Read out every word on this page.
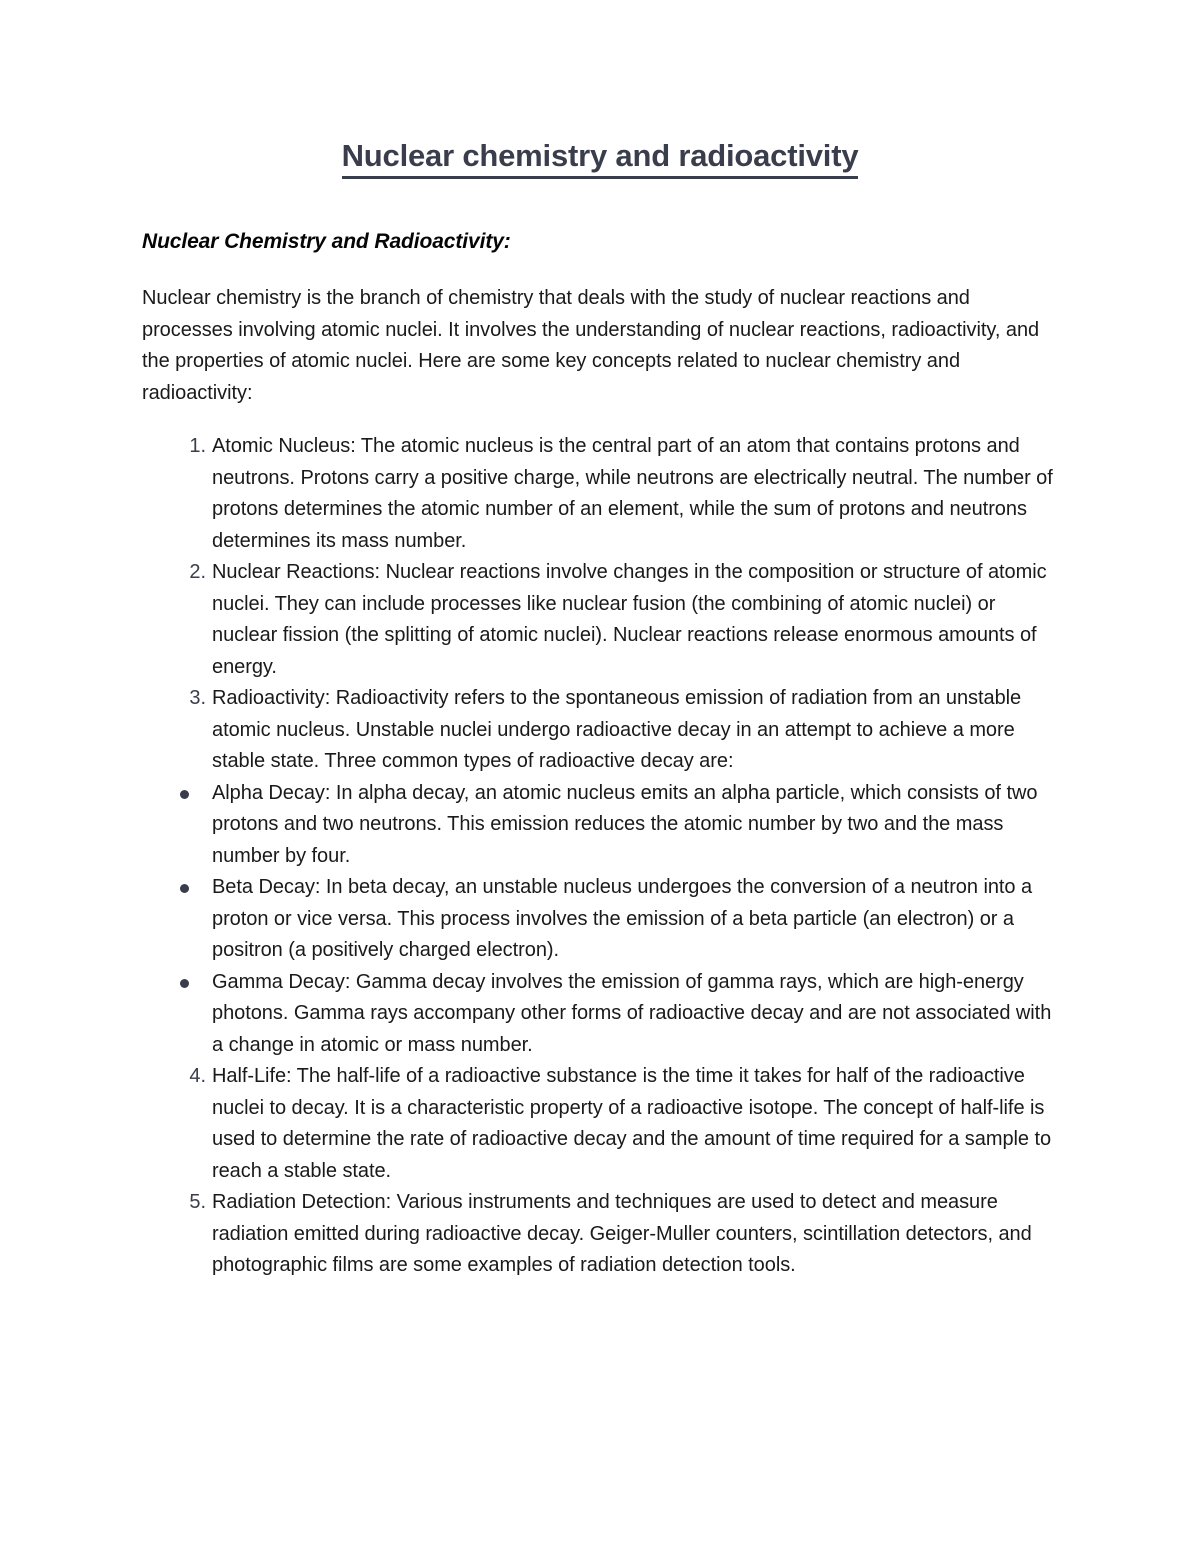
Nuclear chemistry and radioactivity
Nuclear Chemistry and Radioactivity:

Nuclear chemistry is the branch of chemistry that deals with the study of nuclear reactions and processes involving atomic nuclei. It involves the understanding of nuclear reactions, radioactivity, and the properties of atomic nuclei. Here are some key concepts related to nuclear chemistry and radioactivity:

1. Atomic Nucleus: The atomic nucleus is the central part of an atom that contains protons and neutrons. Protons carry a positive charge, while neutrons are electrically neutral. The number of protons determines the atomic number of an element, while the sum of protons and neutrons determines its mass number.
2. Nuclear Reactions: Nuclear reactions involve changes in the composition or structure of atomic nuclei. They can include processes like nuclear fusion (the combining of atomic nuclei) or nuclear fission (the splitting of atomic nuclei). Nuclear reactions release enormous amounts of energy.
3. Radioactivity: Radioactivity refers to the spontaneous emission of radiation from an unstable atomic nucleus. Unstable nuclei undergo radioactive decay in an attempt to achieve a more stable state. Three common types of radioactive decay are:
Alpha Decay: In alpha decay, an atomic nucleus emits an alpha particle, which consists of two protons and two neutrons. This emission reduces the atomic number by two and the mass number by four.
Beta Decay: In beta decay, an unstable nucleus undergoes the conversion of a neutron into a proton or vice versa. This process involves the emission of a beta particle (an electron) or a positron (a positively charged electron).
Gamma Decay: Gamma decay involves the emission of gamma rays, which are high-energy photons. Gamma rays accompany other forms of radioactive decay and are not associated with a change in atomic or mass number.
4. Half-Life: The half-life of a radioactive substance is the time it takes for half of the radioactive nuclei to decay. It is a characteristic property of a radioactive isotope. The concept of half-life is used to determine the rate of radioactive decay and the amount of time required for a sample to reach a stable state.
5. Radiation Detection: Various instruments and techniques are used to detect and measure radiation emitted during radioactive decay. Geiger-Muller counters, scintillation detectors, and photographic films are some examples of radiation detection tools.
